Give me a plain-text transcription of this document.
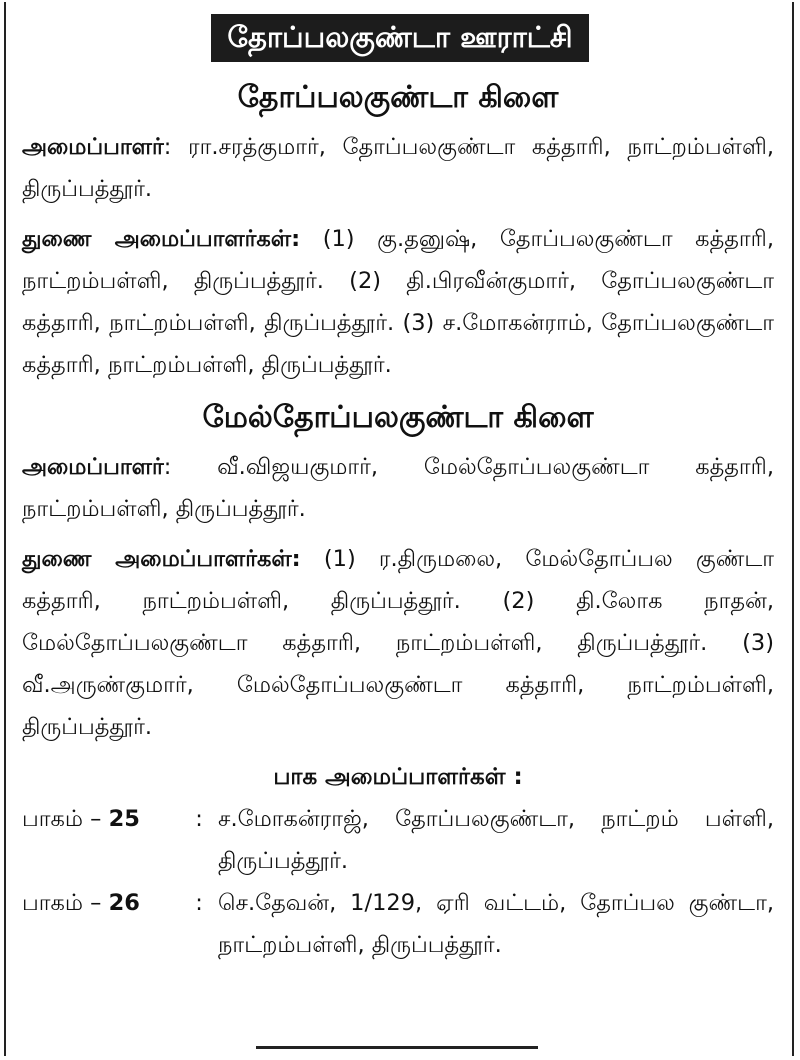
தோப்பலகுண்டா ஊராட்சி

தோப்பலகுண்டா கிளை

அமைப்பாளர்: ரா.சரத்குமார், தோப்பலகுண்டா கத்தாரி, நாட்றம்பள்ளி, திருப்பத்தூர்.

துணை அமைப்பாளர்கள்: (1) கு.தனுஷ், தோப்பலகுண்டா கத்தாரி, நாட்றம்பள்ளி, திருப்பத்தூர். (2) தி.பிரவீன்குமார், தோப்பலகுண்டா கத்தாரி, நாட்றம்பள்ளி, திருப்பத்தூர். (3) ச.மோகன்ராம், தோப்பலகுண்டா கத்தாரி, நாட்றம்பள்ளி, திருப்பத்தூர்.

மேல்தோப்பலகுண்டா கிளை

அமைப்பாளர்: வீ.விஜயகுமார், மேல்தோப்பலகுண்டா கத்தாரி, நாட்றம்பள்ளி, திருப்பத்தூர்.

துணை அமைப்பாளர்கள்: (1) ர.திருமலை, மேல்தோப்பல குண்டா கத்தாரி, நாட்றம்பள்ளி, திருப்பத்தூர். (2) தி.லோக நாதன், மேல்தோப்பலகுண்டா கத்தாரி, நாட்றம்பள்ளி, திருப்பத்தூர். (3) வீ.அருண்குமார், மேல்தோப்பலகுண்டா கத்தாரி, நாட்றம்பள்ளி, திருப்பத்தூர்.

பாக அமைப்பாளர்கள் :

பாகம் – 25	: ச.மோகன்ராஜ், தோப்பலகுண்டா, நாட்றம் பள்ளி, திருப்பத்தூர்.
பாகம் – 26	: செ.தேவன், 1/129, ஏரி வட்டம், தோப்பல குண்டா, நாட்றம்பள்ளி, திருப்பத்தூர்.
